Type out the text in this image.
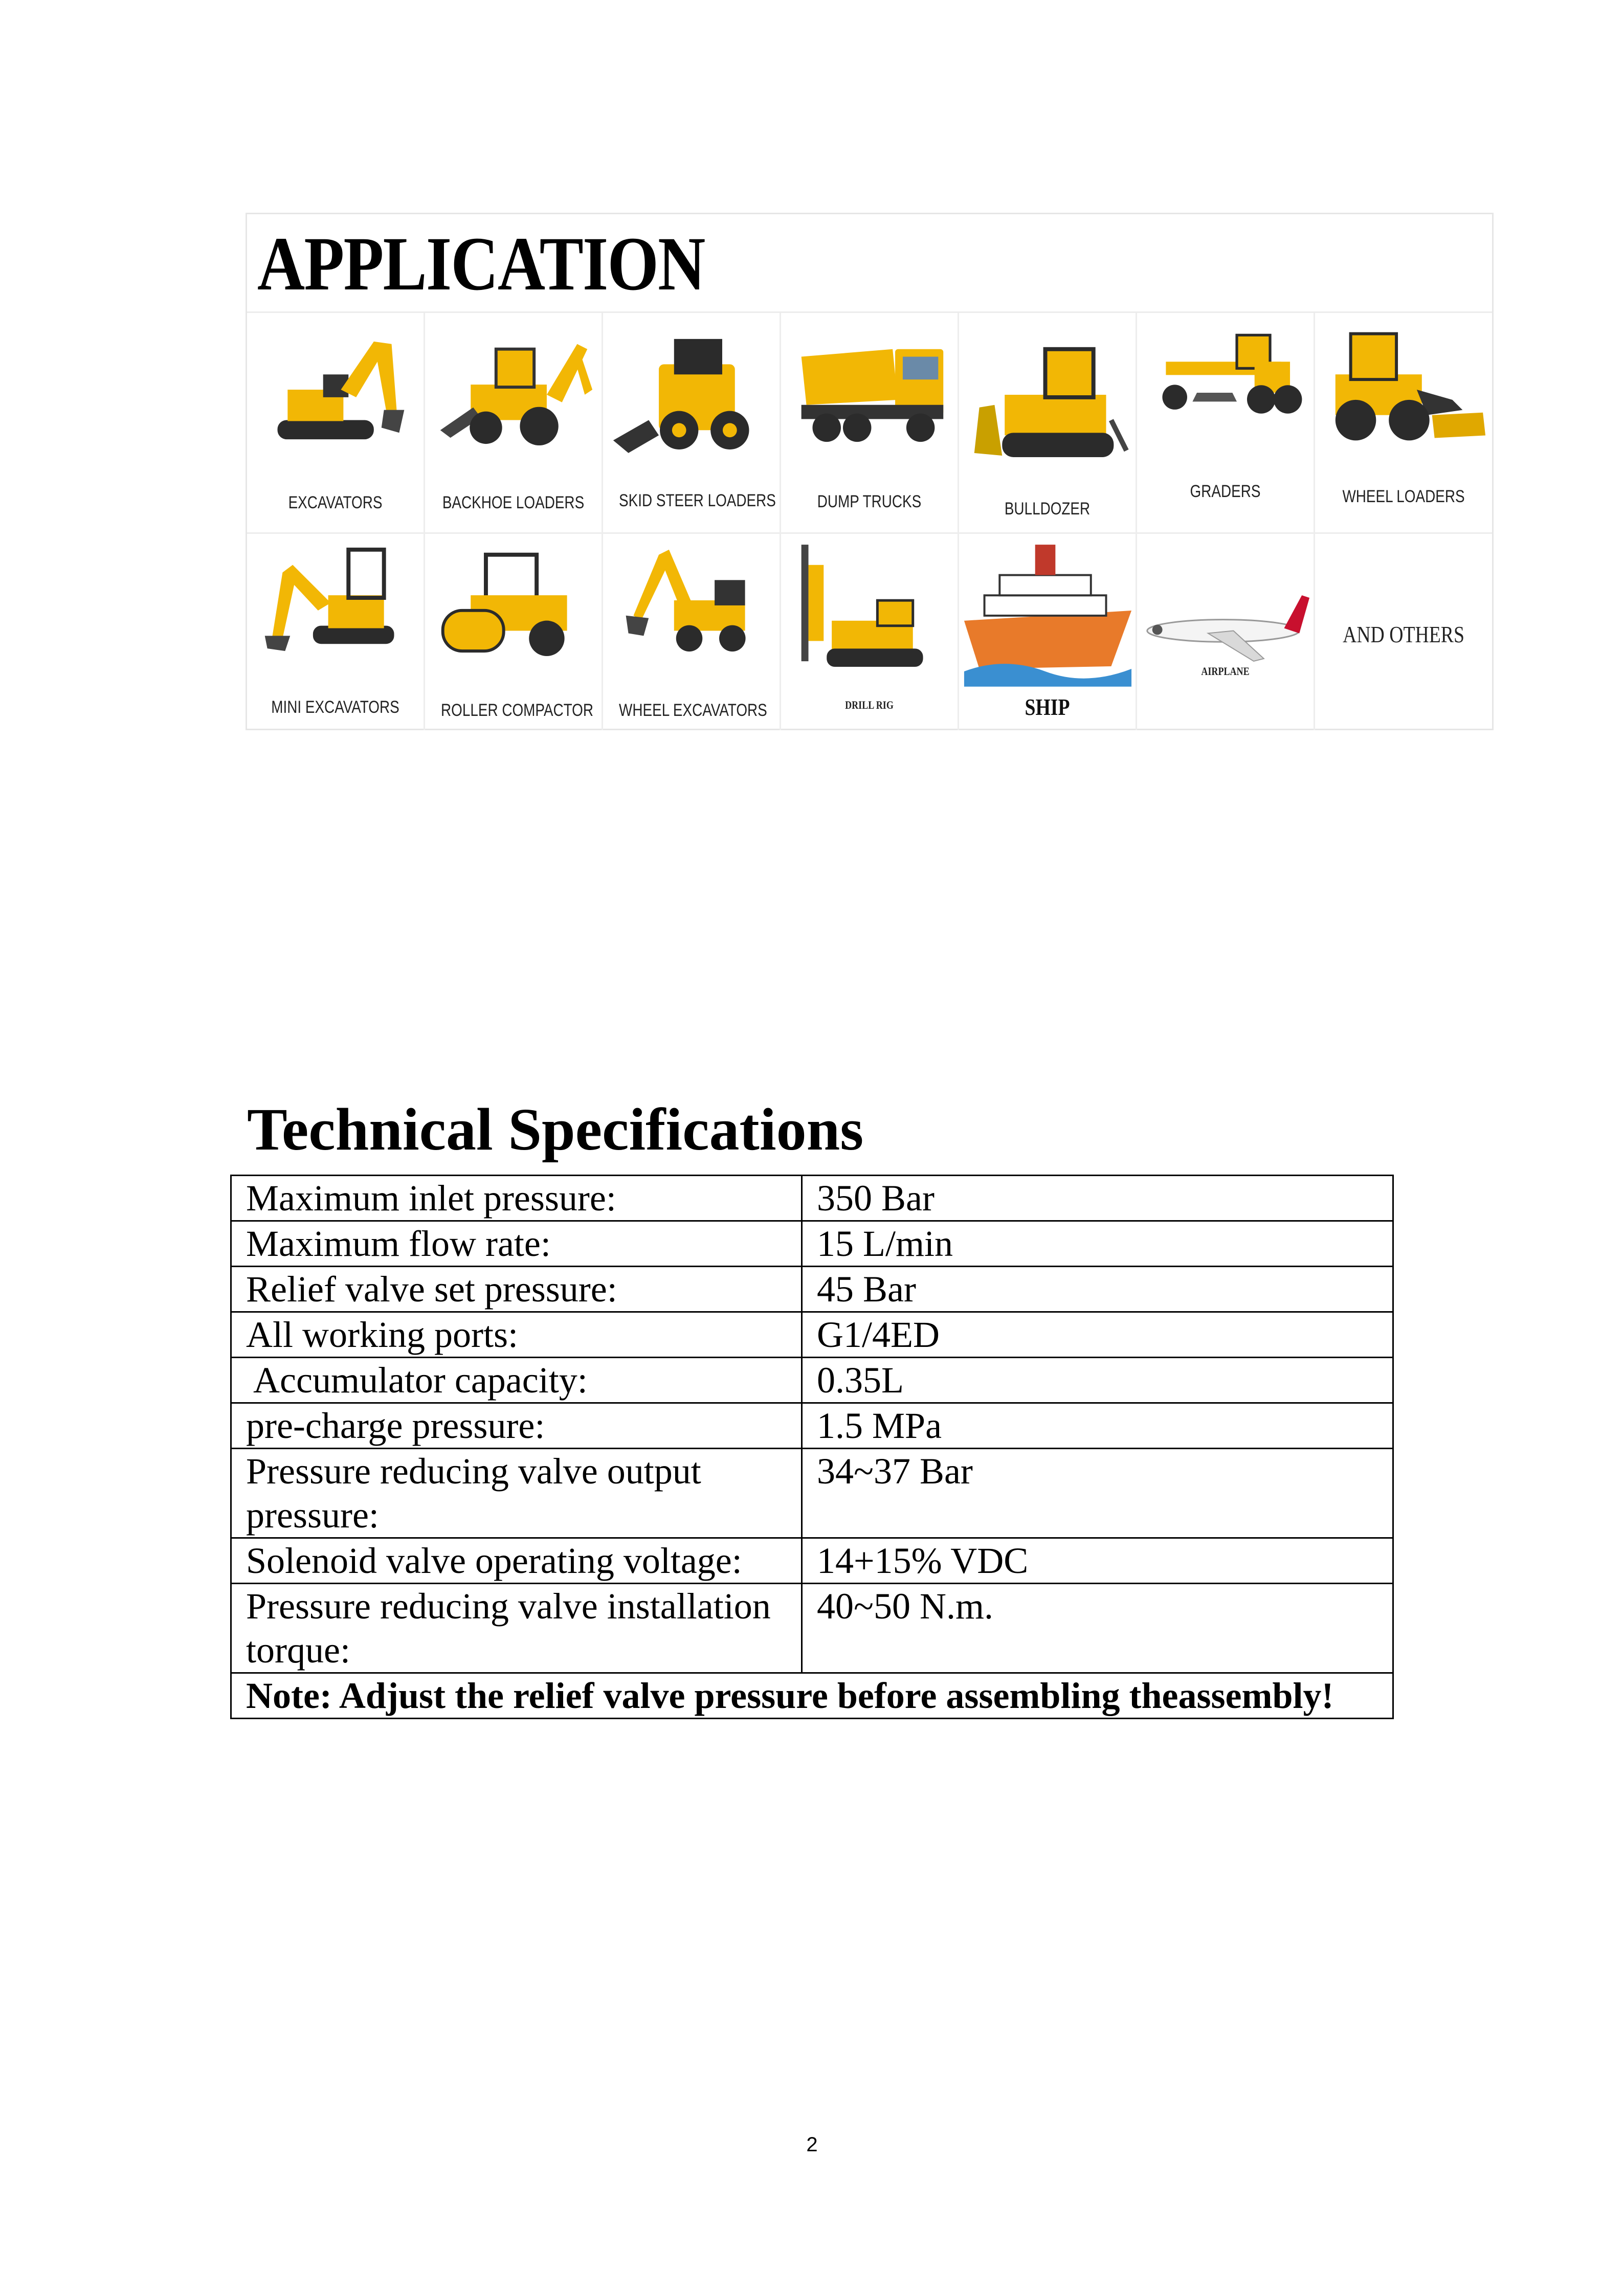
APPLICATION
EXCAVATORS	BACKHOE LOADERS SKID STEER LOADERS	DUMP TRUCKS	BULLDOZER
GRADERS	WHEEL LOADERS
MINI EXCAVATORS	ROLLER COMPACTOR WHEEL EXCAVATORS	DRILL RIG	SHIP
AIRPLANE
AND OTHERS
Technical Specifications
Maximum inlet pressure:	350 Bar
Maximum flow rate:	15 L/min
Relief valve set pressure:	45 Bar
All working ports:	G1/4ED
Accumulator capacity:	0.35L
pre-charge pressure:	1.5 MPa
Pressure reducing valve output pressure:	34~37 Bar
Solenoid valve operating voltage:	14+15% VDC
Pressure reducing valve installation torque:	40~50 N.m.
Note: Adjust the relief valve pressure before assembling theassembly!	
2
